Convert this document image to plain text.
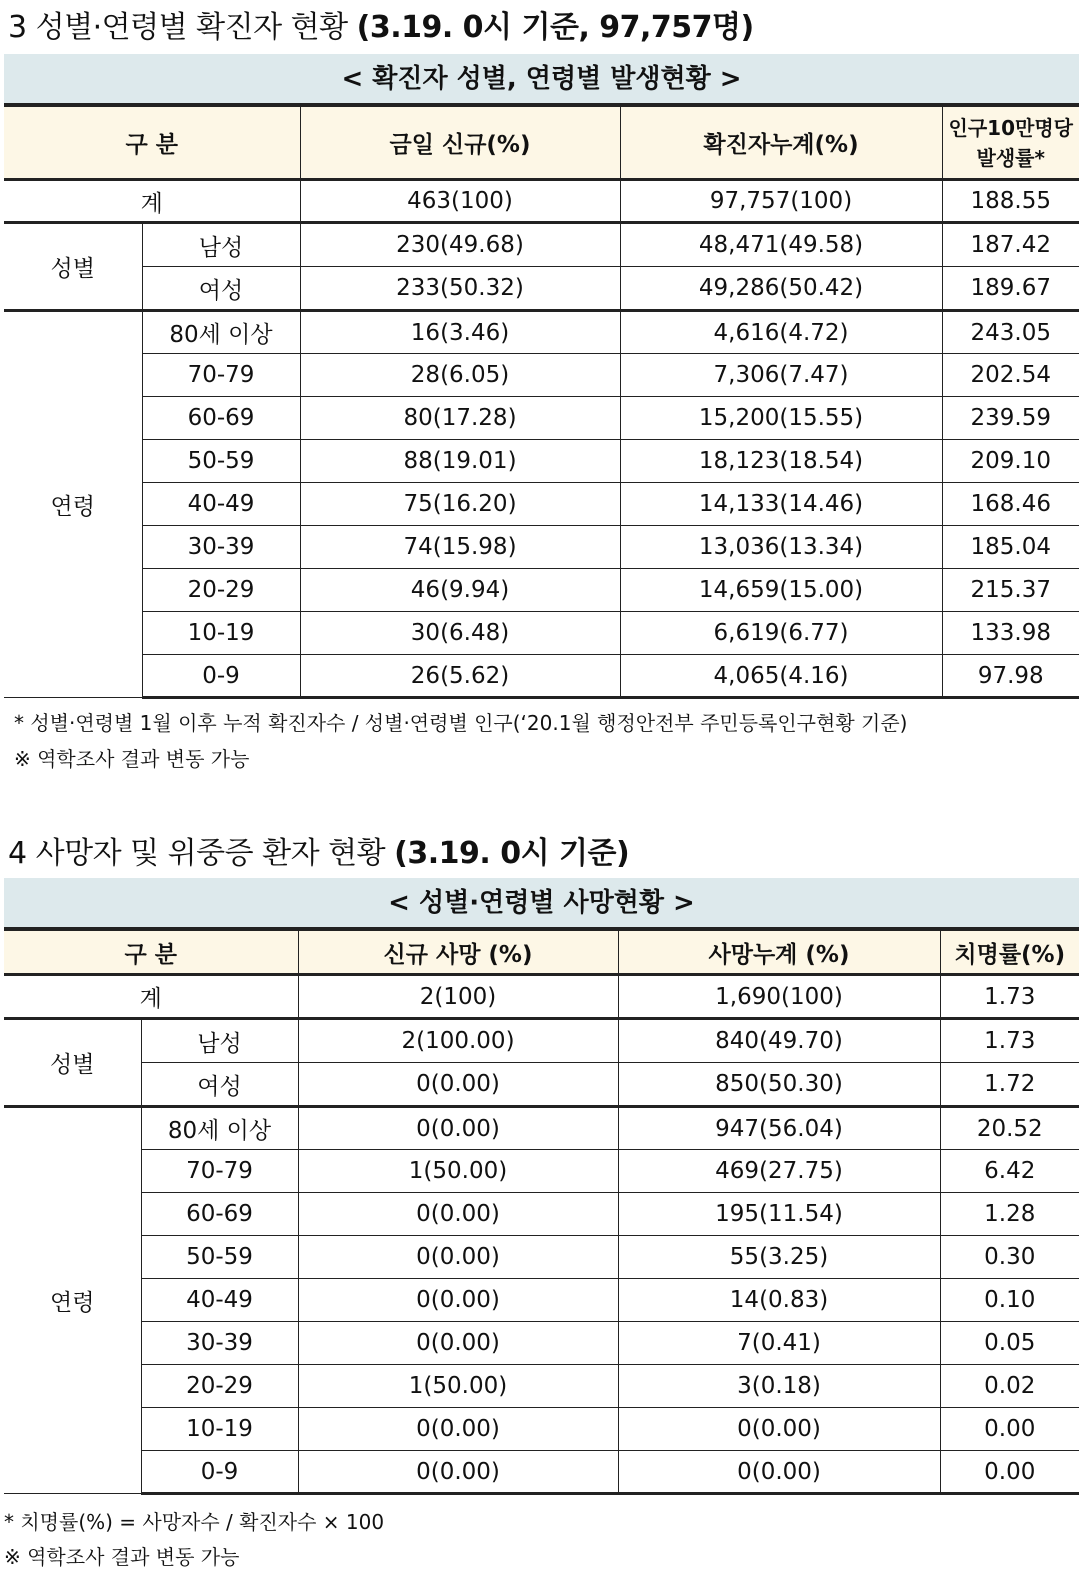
3 성별·연령별 확진자 현황 (3.19. 0시 기준, 97,757명)
< 확진자 성별, 연령별 발생현황 >
구 분		금일 신규(%)	확진자누계(%)	인구10만명당
발생률*

계		463(100)	97,757(100)	188.55
성별	남성	230(49.68)	48,471(49.58)	187.42
	여성	233(50.32)	49,286(50.42)	189.67
연령	80세 이상	16(3.46)	4,616(4.72)	243.05
	70-79	28(6.05)	7,306(7.47)	202.54
	60-69	80(17.28)	15,200(15.55)	239.59
	50-59	88(19.01)	18,123(18.54)	209.10
	40-49	75(16.20)	14,133(14.46)	168.46
	30-39	74(15.98)	13,036(13.34)	185.04
	20-29	46(9.94)	14,659(15.00)	215.37
	10-19	30(6.48)	6,619(6.77)	133.98
	0-9	26(5.62)	4,065(4.16)	97.98
* 성별·연령별 1월 이후 누적 확진자수 / 성별·연령별 인구(‘20.1월 행정안전부 주민등록인구현황 기준)
※ 역학조사 결과 변동 가능
4 사망자 및 위중증 환자 현황 (3.19. 0시 기준)
< 성별·연령별 사망현황 >
구 분		신규 사망 (%)	사망누계 (%)	치명률(%)
계		2(100)	1,690(100)	1.73
성별	남성	2(100.00)	840(49.70)	1.73
	여성	0(0.00)	850(50.30)	1.72
연령	80세 이상	0(0.00)	947(56.04)	20.52
	70-79	1(50.00)	469(27.75)	6.42
	60-69	0(0.00)	195(11.54)	1.28
	50-59	0(0.00)	55(3.25)	0.30
	40-49	0(0.00)	14(0.83)	0.10
	30-39	0(0.00)	7(0.41)	0.05
	20-29	1(50.00)	3(0.18)	0.02
	10-19	0(0.00)	0(0.00)	0.00
	0-9	0(0.00)	0(0.00)	0.00
* 치명률(%) = 사망자수 / 확진자수 × 100
※ 역학조사 결과 변동 가능
